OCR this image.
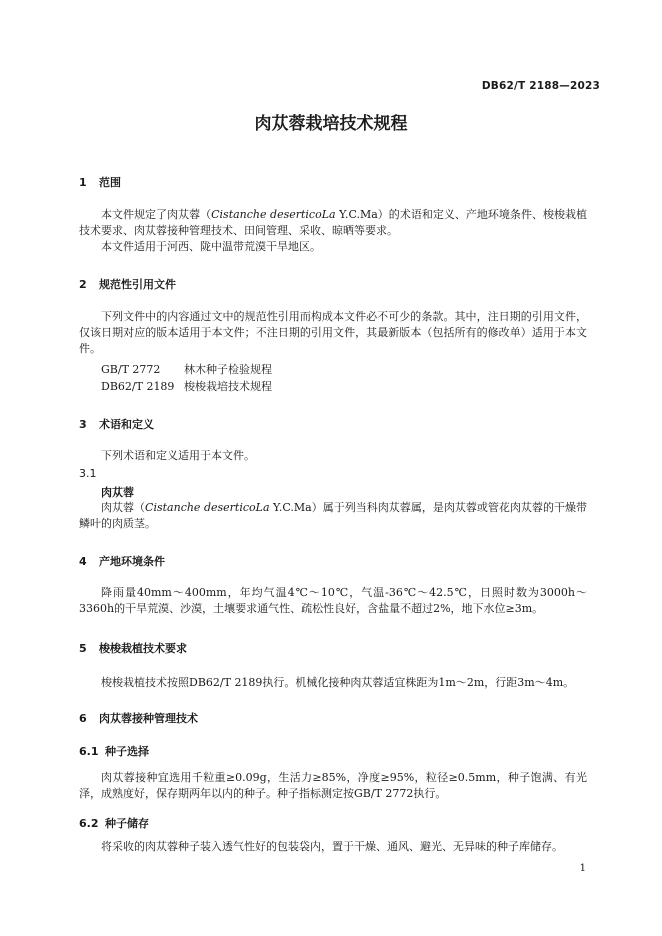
DB62/T 2188—2023
肉苁蓉栽培技术规程
1 范围
本文件规定了肉苁蓉（Cistanche deserticoLa Y.C.Ma）的术语和定义、产地环境条件、梭梭栽植技术要求、肉苁蓉接种管理技术、田间管理、采收、晾晒等要求。
本文件适用于河西、陇中温带荒漠干旱地区。
2 规范性引用文件
下列文件中的内容通过文中的规范性引用而构成本文件必不可少的条款。其中，注日期的引用文件，仅该日期对应的版本适用于本文件；不注日期的引用文件，其最新版本（包括所有的修改单）适用于本文件。
GB/T 2772 林木种子检验规程
DB62/T 2189 梭梭栽培技术规程
3 术语和定义
下列术语和定义适用于本文件。
3.1
肉苁蓉
肉苁蓉（Cistanche deserticoLa Y.C.Ma）属于列当科肉苁蓉属，是肉苁蓉或管花肉苁蓉的干燥带鳞叶的肉质茎。
4 产地环境条件
降雨量40mm～400mm，年均气温4℃～10℃，气温-36℃～42.5℃，日照时数为3000h～3360h的干旱荒漠、沙漠，土壤要求通气性、疏松性良好，含盐量不超过2%，地下水位≥3m。
5 梭梭栽植技术要求
梭梭栽植技术按照DB62/T 2189执行。机械化接种肉苁蓉适宜株距为1m～2m，行距3m～4m。
6 肉苁蓉接种管理技术
6.1 种子选择
肉苁蓉接种宜选用千粒重≥0.09g，生活力≥85%，净度≥95%，粒径≥0.5mm，种子饱满、有光泽，成熟度好，保存期两年以内的种子。种子指标测定按GB/T 2772执行。
6.2 种子储存
将采收的肉苁蓉种子装入透气性好的包装袋内，置于干燥、通风、避光、无异味的种子库储存。
1
